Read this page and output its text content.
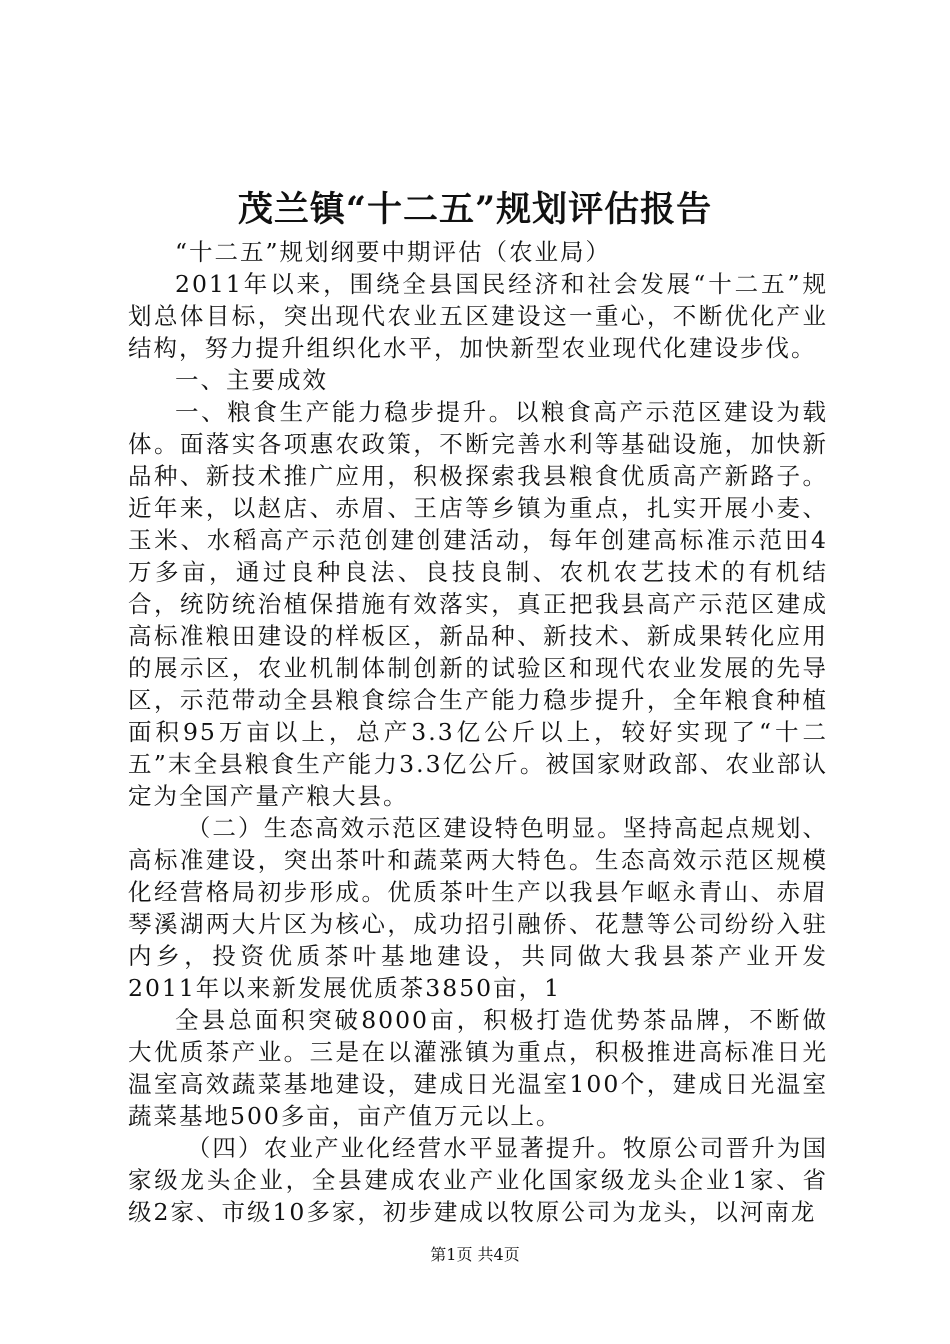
茂兰镇“十二五”规划评估报告

“十二五”规划纲要中期评估（农业局）

2011年以来，围绕全县国民经济和社会发展“十二五”规划总体目标，突出现代农业五区建设这一重心，不断优化产业结构，努力提升组织化水平，加快新型农业现代化建设步伐。

一、主要成效

一、粮食生产能力稳步提升。以粮食高产示范区建设为载体。面落实各项惠农政策，不断完善水利等基础设施，加快新品种、新技术推广应用，积极探索我县粮食优质高产新路子。近年来，以赵店、赤眉、王店等乡镇为重点，扎实开展小麦、玉米、水稻高产示范创建创建活动，每年创建高标准示范田4万多亩，通过良种良法、良技良制、农机农艺技术的有机结合，统防统治植保措施有效落实，真正把我县高产示范区建成高标准粮田建设的样板区，新品种、新技术、新成果转化应用的展示区，农业机制体制创新的试验区和现代农业发展的先导区，示范带动全县粮食综合生产能力稳步提升，全年粮食种植面积95万亩以上，总产3.3亿公斤以上，较好实现了“十二五”末全县粮食生产能力3.3亿公斤。被国家财政部、农业部认定为全国产量产粮大县。

（二）生态高效示范区建设特色明显。坚持高起点规划、高标准建设，突出茶叶和蔬菜两大特色。生态高效示范区规模化经营格局初步形成。优质茶叶生产以我县乍岖永青山、赤眉琴溪湖两大片区为核心，成功招引融侨、花慧等公司纷纷入驻内乡，投资优质茶叶基地建设，共同做大我县茶产业开发2011年以来新发展优质茶3850亩，1

全县总面积突破8000亩，积极打造优势茶品牌，不断做大优质茶产业。三是在以灌涨镇为重点，积极推进高标准日光温室高效蔬菜基地建设，建成日光温室100个，建成日光温室蔬菜基地500多亩，亩产值万元以上。

（四）农业产业化经营水平显著提升。牧原公司晋升为国家级龙头企业，全县建成农业产业化国家级龙头企业1家、省级2家、市级10多家，初步建成以牧原公司为龙头，以河南龙

第1页 共4页
